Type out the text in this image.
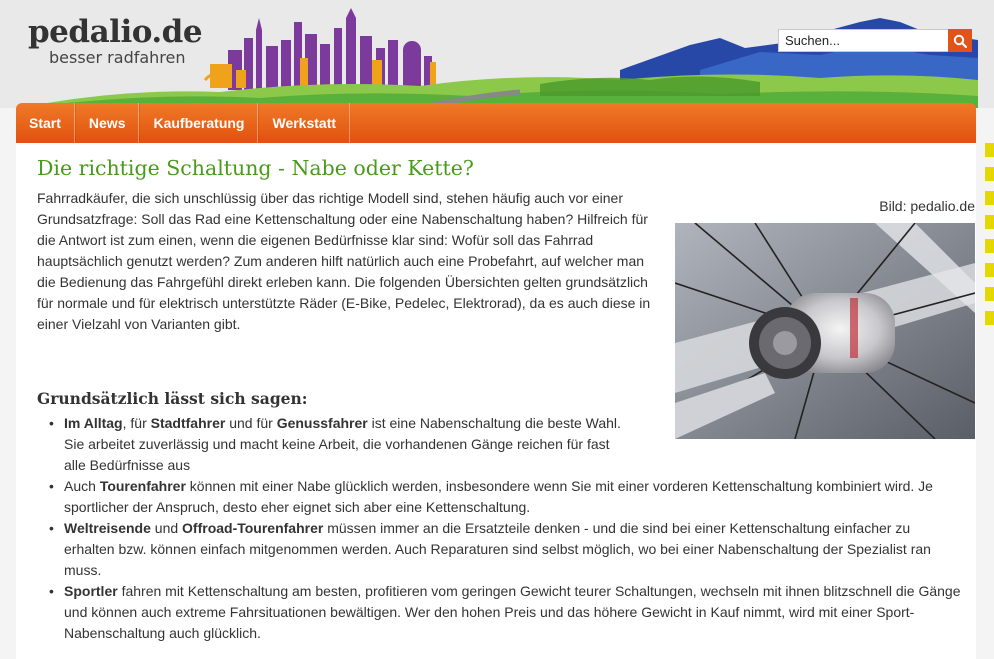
pedalio.de
besser radfahren
Suchen...
Start	News	Kaufberatung	Werkstatt
Die richtige Schaltung - Nabe oder Kette?
Bild: pedalio.de

Fahrradkäufer, die sich unschlüssig über das richtige Modell sind, stehen häufig auch vor einer Grundsatzfrage: Soll das Rad eine Kettenschaltung oder eine Nabenschaltung haben? Hilfreich für die Antwort ist zum einen, wenn die eigenen Bedürfnisse klar sind: Wofür soll das Fahrrad hauptsächlich genutzt werden? Zum anderen hilft natürlich auch eine Probefahrt, auf welcher man die Bedienung das Fahrgefühl direkt erleben kann. Die folgenden Übersichten gelten grundsätzlich für normale und für elektrisch unterstützte Räder (E-Bike, Pedelec, Elektrorad), da es auch diese in einer Vielzahl von Varianten gibt.

Grundsätzlich lässt sich sagen:
• Im Alltag, für Stadtfahrer und für Genussfahrer ist eine Nabenschaltung die beste Wahl. Sie arbeitet zuverlässig und macht keine Arbeit, die vorhandenen Gänge reichen für fast alle Bedürfnisse aus
• Auch Tourenfahrer können mit einer Nabe glücklich werden, insbesondere wenn Sie mit einer vorderen Kettenschaltung kombiniert wird. Je sportlicher der Anspruch, desto eher eignet sich aber eine Kettenschaltung.
• Weltreisende und Offroad-Tourenfahrer müssen immer an die Ersatzteile denken - und die sind bei einer Kettenschaltung einfacher zu erhalten bzw. können einfach mitgenommen werden. Auch Reparaturen sind selbst möglich, wo bei einer Nabenschaltung der Spezialist ran muss.
• Sportler fahren mit Kettenschaltung am besten, profitieren vom geringen Gewicht teurer Schaltungen, wechseln mit ihnen blitzschnell die Gänge und können auch extreme Fahrsituationen bewältigen. Wer den hohen Preis und das höhere Gewicht in Kauf nimmt, wird mit einer Sport-Nabenschaltung auch glücklich.
